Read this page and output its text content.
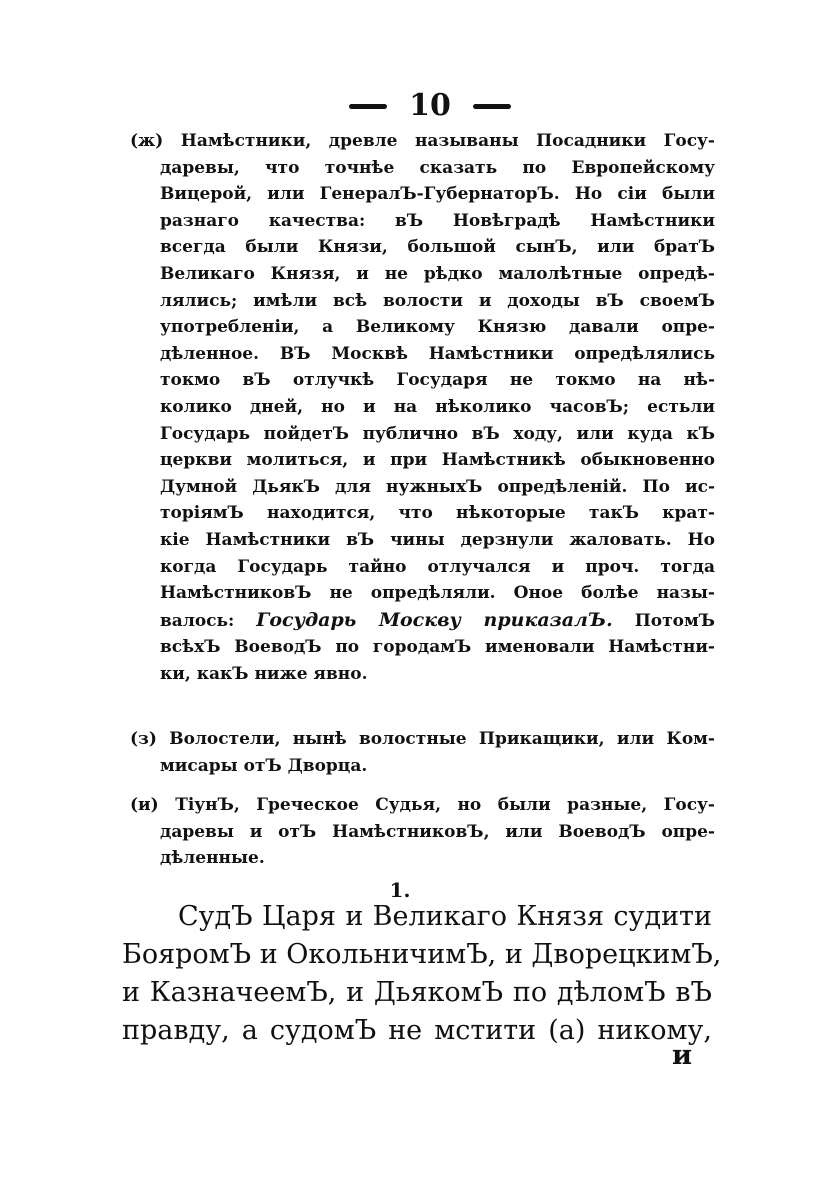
10
(ж) Намѣстники, древле называны Посадники Госу-
даревы, что точнѣе сказать по Европейскому
Вицерой, или ГенералЪ-ГубернаторЪ. Но сiи были
разнаго качества: вЪ Новѣградѣ Намѣстники
всегда были Князи, большой сынЪ, или братЪ
Великаго Князя, и не рѣдко малолѣтные опредѣ-
лялись; имѣли всѣ волости и доходы вЪ своемЪ
употребленiи, а Великому Князю давали опре-
дѣленное. ВЪ Москвѣ Намѣстники опредѣлялись
токмо вЪ отлучкѣ Государя не токмо на нѣ-
колико дней, но и на нѣколико часовЪ; естьли
Государь пойдетЪ публично вЪ ходу, или куда кЪ
церкви молиться, и при Намѣстникѣ обыкновенно
Думной ДьякЪ для нужныхЪ опредѣленiй. По ис-
торiямЪ находится, что нѣкоторые такЪ крат-
кiе Намѣстники вЪ чины дерзнули жаловать. Но
когда Государь тайно отлучался и проч. тогда
НамѣстниковЪ не опредѣляли. Оное болѣе назы-
валось: Государь Москву приказалЪ. ПотомЪ
всѣхЪ ВоеводЪ по городамЪ именовали Намѣстни-
ки, какЪ ниже явно.
(з) Волостели, нынѣ волостные Прикащики, или Ком-
мисары отЪ Дворца.
(и) ТiунЪ, Греческое Судья, но были разные, Госу-
даревы и отЪ НамѣстниковЪ, или ВоеводЪ опре-
дѣленные.
1.
СудЪ Царя и Великаго Князя судити
БояромЪ и ОкольничимЪ, и ДворецкимЪ,
и КазначеемЪ, и ДьякомЪ по дѣломЪ вЪ
правду, а судомЪ не мстити (а) никому,
и
